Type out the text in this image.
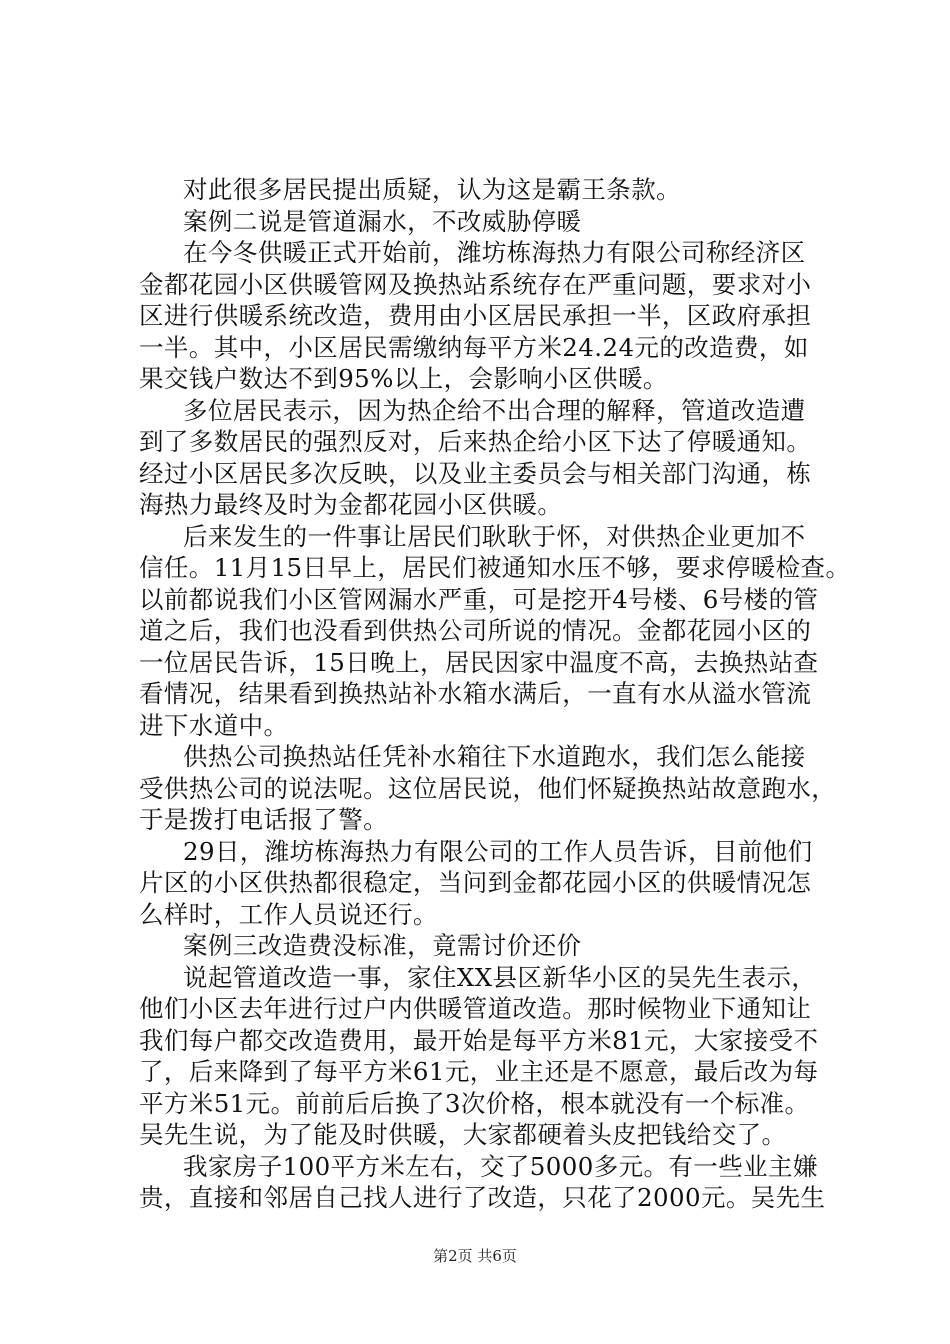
对此很多居民提出质疑，认为这是霸王条款。
案例二说是管道漏水，不改威胁停暖
在今冬供暖正式开始前，潍坊栋海热力有限公司称经济区
金都花园小区供暖管网及换热站系统存在严重问题，要求对小
区进行供暖系统改造，费用由小区居民承担一半，区政府承担
一半。其中，小区居民需缴纳每平方米24.24元的改造费，如
果交钱户数达不到95%以上，会影响小区供暖。
多位居民表示，因为热企给不出合理的解释，管道改造遭
到了多数居民的强烈反对，后来热企给小区下达了停暖通知。
经过小区居民多次反映，以及业主委员会与相关部门沟通，栋
海热力最终及时为金都花园小区供暖。
后来发生的一件事让居民们耿耿于怀，对供热企业更加不
信任。11月15日早上，居民们被通知水压不够，要求停暖检查。
以前都说我们小区管网漏水严重，可是挖开4号楼、6号楼的管
道之后，我们也没看到供热公司所说的情况。金都花园小区的
一位居民告诉，15日晚上，居民因家中温度不高，去换热站查
看情况，结果看到换热站补水箱水满后，一直有水从溢水管流
进下水道中。
供热公司换热站任凭补水箱往下水道跑水，我们怎么能接
受供热公司的说法呢。这位居民说，他们怀疑换热站故意跑水，
于是拨打电话报了警。
29日，潍坊栋海热力有限公司的工作人员告诉，目前他们
片区的小区供热都很稳定，当问到金都花园小区的供暖情况怎
么样时，工作人员说还行。
案例三改造费没标准，竟需讨价还价
说起管道改造一事，家住XX县区新华小区的吴先生表示，
他们小区去年进行过户内供暖管道改造。那时候物业下通知让
我们每户都交改造费用，最开始是每平方米81元，大家接受不
了，后来降到了每平方米61元，业主还是不愿意，最后改为每
平方米51元。前前后后换了3次价格，根本就没有一个标准。
吴先生说，为了能及时供暖，大家都硬着头皮把钱给交了。
我家房子100平方米左右，交了5000多元。有一些业主嫌
贵，直接和邻居自己找人进行了改造，只花了2000元。吴先生
第2页 共6页
